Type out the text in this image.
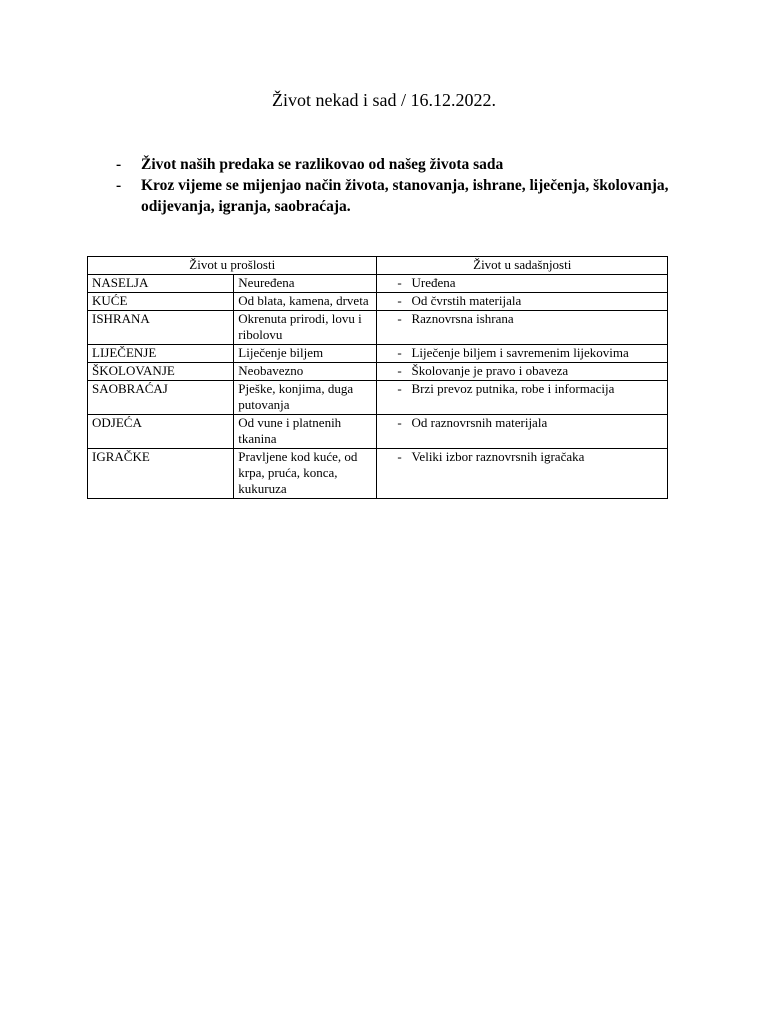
Život nekad i sad / 16.12.2022.
-	Život naših predaka se razlikovao od našeg života sada
-	Kroz vijeme se mijenjao način života, stanovanja, ishrane, liječenja, školovanja, odijevanja, igranja, saobraćaja.
Život u prošlosti		Život u sadašnjosti
NASELJA	Neuređena	- Uređena

KUĆE	Od blata, kamena, drveta	- Od čvrstih materijala

ISHRANA	Okrenuta prirodi, lovu i ribolovu	- Raznovrsna ishrana

LIJEČENJE	Liječenje biljem	- Liječenje biljem i savremenim lijekovima

ŠKOLOVANJE	Neobavezno	- Školovanje je pravo i obaveza

SAOBRAĆAJ	Pješke, konjima, duga putovanja	- Brzi prevoz putnika, robe i informacija

ODJEĆA	Od vune i platnenih tkanina	- Od raznovrsnih materijala

IGRAČKE	Pravljene kod kuće, od krpa, pruća, konca, kukuruza	- Veliki izbor raznovrsnih igračaka
